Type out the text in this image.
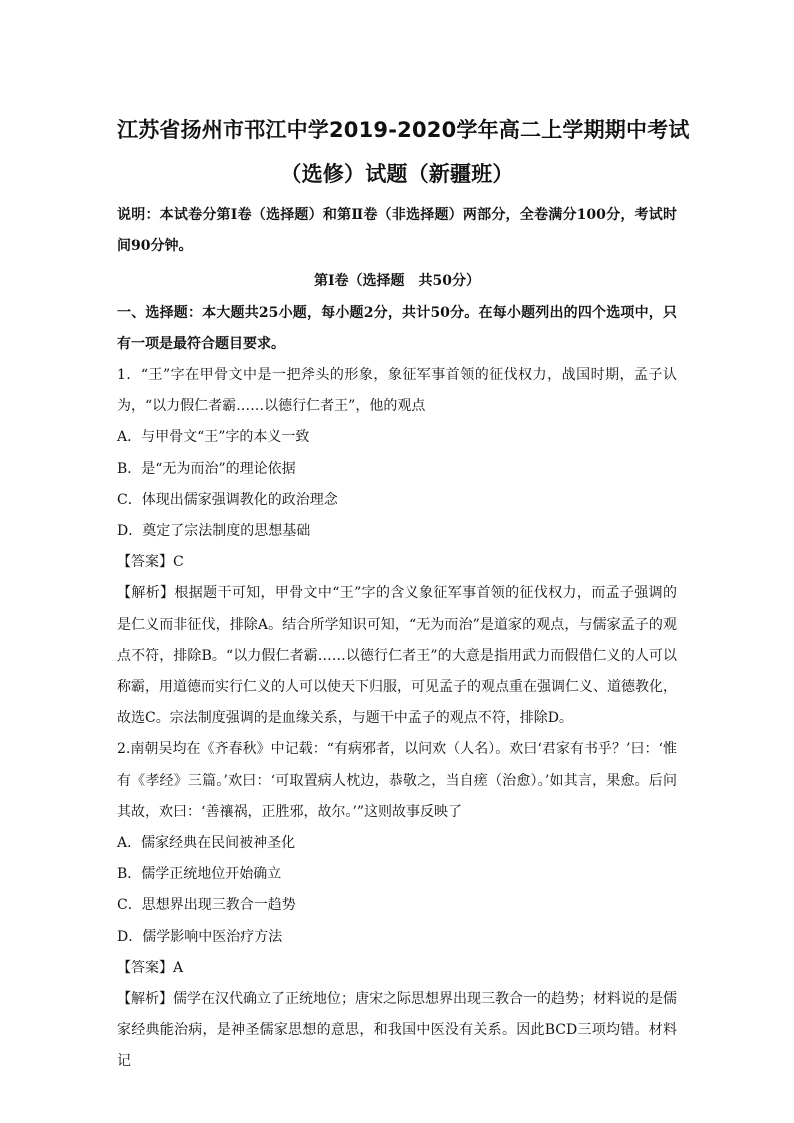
江苏省扬州市邗江中学2019-2020学年高二上学期期中考试
（选修）试题（新疆班）

说明：本试卷分第Ⅰ卷（选择题）和第Ⅱ卷（非选择题）两部分，全卷满分100分，考试时间90分钟。

第Ⅰ卷（选择题　共50分）

一、选择题：本大题共25小题，每小题2分，共计50分。在每小题列出的四个选项中，只有一项是最符合题目要求。

1．“王”字在甲骨文中是一把斧头的形象，象征军事首领的征伐权力，战国时期，孟子认为，“以力假仁者霸……以德行仁者王”，他的观点

A．与甲骨文“王”字的本义一致

B．是“无为而治”的理论依据

C．体现出儒家强调教化的政治理念

D．奠定了宗法制度的思想基础

【答案】C

【解析】根据题干可知，甲骨文中“王”字的含义象征军事首领的征伐权力，而孟子强调的是仁义而非征伐，排除A。结合所学知识可知，“无为而治”是道家的观点，与儒家孟子的观点不符，排除B。“以力假仁者霸……以德行仁者王”的大意是指用武力而假借仁义的人可以称霸，用道德而实行仁义的人可以使天下归服，可见孟子的观点重在强调仁义、道德教化，故选C。宗法制度强调的是血缘关系，与题干中孟子的观点不符，排除D。

2.南朝吴均在《齐春秋》中记载：“有病邪者，以问欢（人名）。欢曰‘君家有书乎？’曰：‘惟有《孝经》三篇。’欢曰：‘可取置病人枕边，恭敬之，当自瘥（治愈）。’如其言，果愈。后问其故，欢曰：‘善禳祸，正胜邪，故尔。’”这则故事反映了

A．儒家经典在民间被神圣化

B．儒学正统地位开始确立

C．思想界出现三教合一趋势

D．儒学影响中医治疗方法

【答案】A

【解析】儒学在汉代确立了正统地位；唐宋之际思想界出现三教合一的趋势；材料说的是儒家经典能治病，是神圣儒家思想的意思，和我国中医没有关系。因此BCD三项均错。材料记
